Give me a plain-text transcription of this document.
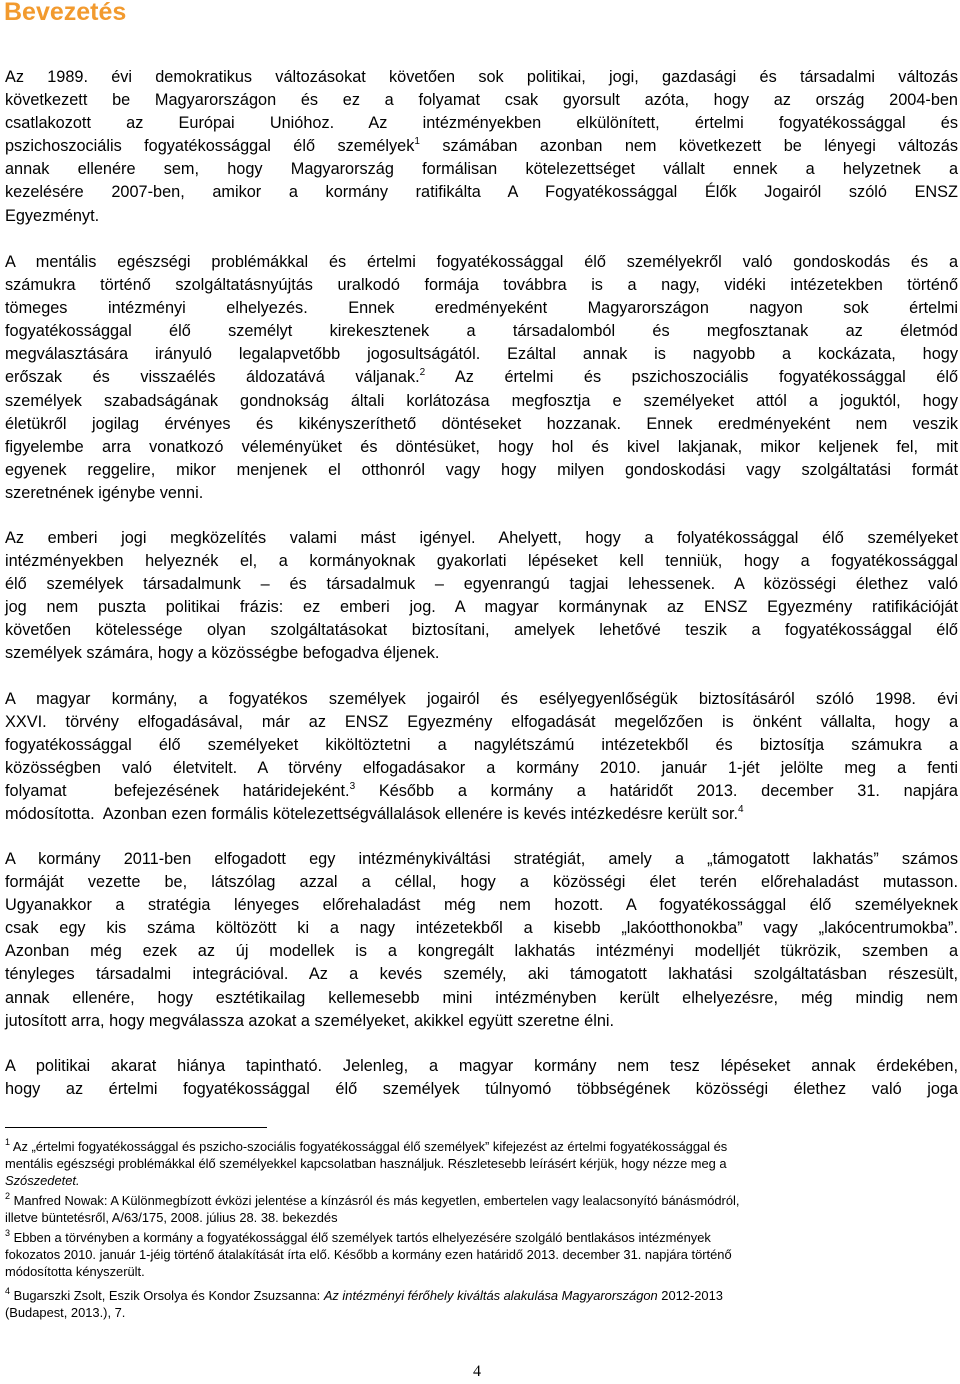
Bevezetés
Az 1989. évi demokratikus változásokat követően sok politikai, jogi, gazdasági és társadalmi változás
következett be Magyarországon és ez a folyamat csak gyorsult azóta, hogy az ország 2004-ben
csatlakozott az Európai Unióhoz. Az intézményekben elkülönített, értelmi fogyatékossággal és
pszichoszociális fogyatékossággal élő személyek$^1$ számában azonban nem következett be lényegi változás
annak ellenére sem, hogy Magyarország formálisan kötelezettséget vállalt ennek a helyzetnek a
kezelésére 2007-ben, amikor a kormány ratifikálta A Fogyatékossággal Élők Jogairól szóló ENSZ
Egyezményt.
A mentális egészségi problémákkal és értelmi fogyatékossággal élő személyekről való gondoskodás és a
számukra történő szolgáltatásnyújtás uralkodó formája továbbra is a nagy, vidéki intézetekben történő
tömeges intézményi elhelyezés. Ennek eredményeként Magyarországon nagyon sok értelmi
fogyatékossággal élő személyt kirekesztenek a társadalomból és megfosztanak az életmód
megválasztására irányuló legalapvetőbb jogosultságától. Ezáltal annak is nagyobb a kockázata, hogy
erőszak és visszaélés áldozatává váljanak.$^2$ Az értelmi és pszichoszociális fogyatékossággal élő
személyek szabadságának gondnokság általi korlátozása megfosztja e személyeket attól a joguktól, hogy
életükről jogilag érvényes és kikényszeríthető döntéseket hozzanak. Ennek eredményeként nem veszik
figyelembe arra vonatkozó véleményüket és döntésüket, hogy hol és kivel lakjanak, mikor keljenek fel, mit
egyenek reggelire, mikor menjenek el otthonról vagy hogy milyen gondoskodási vagy szolgáltatási formát
szeretnének igénybe venni.
Az emberi jogi megközelítés valami mást igényel. Ahelyett, hogy a folyatékossággal élő személyeket
intézményekben helyeznék el, a kormányoknak gyakorlati lépéseket kell tenniük, hogy a fogyatékossággal
élő személyek társadalmunk – és társadalmuk – egyenrangú tagjai lehessenek. A közösségi élethez való
jog nem puszta politikai frázis: ez emberi jog. A magyar kormánynak az ENSZ Egyezmény ratifikációját
követően kötelessége olyan szolgáltatásokat biztosítani, amelyek lehetővé teszik a fogyatékossággal élő
személyek számára, hogy a közösségbe befogadva éljenek.
A magyar kormány, a fogyatékos személyek jogairól és esélyegyenlőségük biztosításáról szóló 1998. évi
XXVI. törvény elfogadásával, már az ENSZ Egyezmény elfogadását megelőzően is önként vállalta, hogy a
fogyatékossággal élő személyeket kiköltöztetni a nagylétszámú intézetekből és biztosítja számukra a
közösségben való életvitelt. A törvény elfogadásakor a kormány 2010. január 1-jét jelölte meg a fenti
folyamat  befejezésének határidejeként.$^3$ Később a kormány a határidőt 2013. december 31. napjára
módosította.  Azonban ezen formális kötelezettségvállalások ellenére is kevés intézkedésre került sor.$^4$
A kormány 2011-ben elfogadott egy intézménykiváltási stratégiát, amely a „támogatott lakhatás” számos
formáját vezette be, látszólag azzal a céllal, hogy a közösségi élet terén előrehaladást mutasson.
Ugyanakkor a stratégia lényeges előrehaladást még nem hozott. A fogyatékossággal élő személyeknek
csak egy kis száma költözött ki a nagy intézetekből a kisebb „lakóotthonokba” vagy „lakócentrumokba”.
Azonban még ezek az új modellek is a kongregált lakhatás intézményi modelljét tükrözik, szemben a
tényleges társadalmi integrációval. Az a kevés személy, aki támogatott lakhatási szolgáltatásban részesült,
annak ellenére, hogy esztétikailag kellemesebb mini intézményben került elhelyezésre, még mindig nem
jutosított arra, hogy megválassza azokat a személyeket, akikkel együtt szeretne élni.
A politikai akarat hiánya tapintható. Jelenleg, a magyar kormány nem tesz lépéseket annak érdekében,
hogy az értelmi fogyatékossággal élő személyek túlnyomó többségének közösségi élethez való joga
$^1$ Az „értelmi fogyatékossággal és pszicho-szociális fogyatékossággal élő személyek” kifejezést az értelmi fogyatékossággal és
mentális egészségi problémákkal élő személyekkel kapcsolatban használjuk. Részletesebb leírásért kérjük, hogy nézze meg a
Szószedetet.
$^2$ Manfred Nowak: A Különmegbízott évközi jelentése a kínzásról és más kegyetlen, embertelen vagy lealacsonyító bánásmódról,
illetve büntetésről, A/63/175, 2008. július 28. 38. bekezdés
$^3$ Ebben a törvényben a kormány a fogyatékossággal élő személyek tartós elhelyezésére szolgáló bentlakásos intézmények
fokozatos 2010. január 1-jéig történő átalakítását írta elő. Később a kormány ezen határidő 2013. december 31. napjára történő
módosította kényszerült.
$^4$ Bugarszki Zsolt, Eszik Orsolya és Kondor Zsuzsanna: Az intézményi férőhely kiváltás alakulása Magyarországon 2012-2013
(Budapest, 2013.), 7.
4
